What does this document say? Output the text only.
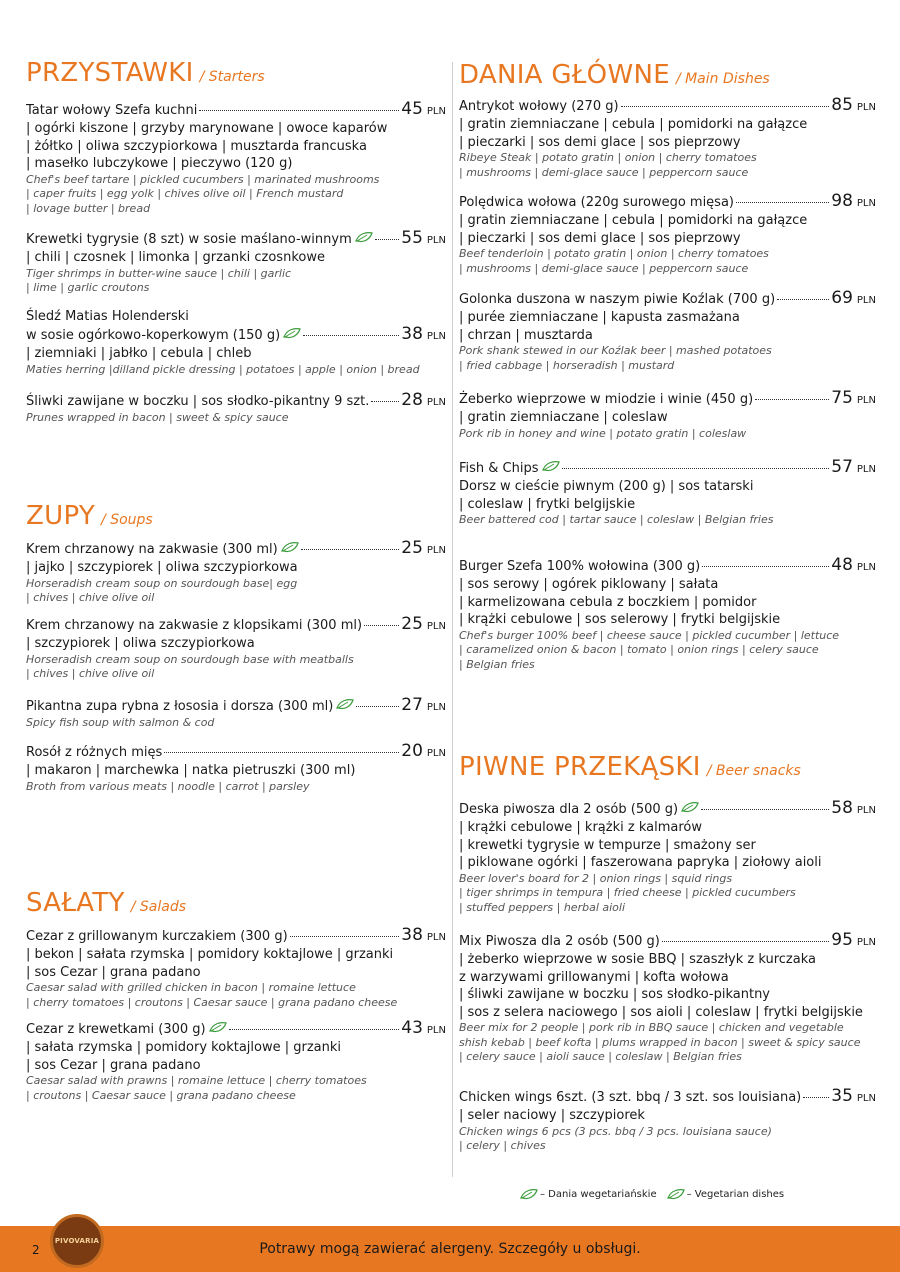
PRZYSTAWKI / Starters
Tatar wołowy Szefa kuchni	45 PLN
| ogórki kiszone | grzyby marynowane | owoce kaparów
| żółtko | oliwa szczypiorkowa | musztarda francuska
| masełko lubczykowe | pieczywo (120 g)
Chef's beef tartare | pickled cucumbers | marinated mushrooms
| caper fruits | egg yolk | chives olive oil | French mustard
| lovage butter | bread
Krewetki tygrysie (8 szt) w sosie maślano-winnym	55 PLN
| chili | czosnek | limonka | grzanki czosnkowe
Tiger shrimps in butter-wine sauce | chili | garlic
| lime | garlic croutons
Śledź Matias Holenderski
w sosie ogórkowo-koperkowym (150 g)	38 PLN
| ziemniaki | jabłko | cebula | chleb
Maties herring |dilland pickle dressing | potatoes | apple | onion | bread
Śliwki zawijane w boczku | sos słodko-pikantny 9 szt. 28 PLN
Prunes wrapped in bacon | sweet & spicy sauce
ZUPY / Soups
Krem chrzanowy na zakwasie (300 ml)	25 PLN
| jajko | szczypiorek | oliwa szczypiorkowa
Horseradish cream soup on sourdough base| egg
| chives | chive olive oil
Krem chrzanowy na zakwasie z klopsikami (300 ml) 25 PLN
| szczypiorek | oliwa szczypiorkowa
Horseradish cream soup on sourdough base with meatballs
| chives | chive olive oil
Pikantna zupa rybna z łososia i dorsza (300 ml)	27 PLN
Spicy fish soup with salmon & cod
Rosół z różnych mięs	20 PLN
| makaron | marchewka | natka pietruszki (300 ml)
Broth from various meats | noodle | carrot | parsley
SAŁATY / Salads
Cezar z grillowanym kurczakiem (300 g)	38 PLN
| bekon | sałata rzymska | pomidory koktajlowe | grzanki
| sos Cezar | grana padano
Caesar salad with grilled chicken in bacon | romaine lettuce
| cherry tomatoes | croutons | Caesar sauce | grana padano cheese
Cezar z krewetkami (300 g)	43 PLN
| sałata rzymska | pomidory koktajlowe | grzanki
| sos Cezar | grana padano
Caesar salad with prawns | romaine lettuce | cherry tomatoes
| croutons | Caesar sauce | grana padano cheese
DANIA GŁÓWNE / Main Dishes
Antrykot wołowy (270 g)	85 PLN
| gratin ziemniaczane | cebula | pomidorki na gałązce
| pieczarki | sos demi glace | sos pieprzowy
Ribeye Steak | potato gratin | onion | cherry tomatoes
| mushrooms | demi-glace sauce | peppercorn sauce
Polędwica wołowa (220g surowego mięsa)	98 PLN
| gratin ziemniaczane | cebula | pomidorki na gałązce
| pieczarki | sos demi glace | sos pieprzowy
Beef tenderloin | potato gratin | onion | cherry tomatoes
| mushrooms | demi-glace sauce | peppercorn sauce
Golonka duszona w naszym piwie Koźlak (700 g)	69 PLN
| purée ziemniaczane | kapusta zasmażana
| chrzan | musztarda
Pork shank stewed in our Koźlak beer | mashed potatoes
| fried cabbage | horseradish | mustard
Żeberko wieprzowe w miodzie i winie (450 g)	75 PLN
| gratin ziemniaczane | coleslaw
Pork rib in honey and wine | potato gratin | coleslaw
Fish & Chips	57 PLN
Dorsz w cieście piwnym (200 g) | sos tatarski
| coleslaw | frytki belgijskie
Beer battered cod | tartar sauce | coleslaw | Belgian fries
Burger Szefa 100% wołowina (300 g)	48 PLN
| sos serowy | ogórek piklowany | sałata
| karmelizowana cebula z boczkiem | pomidor
| krążki cebulowe | sos selerowy | frytki belgijskie
Chef's burger 100% beef | cheese sauce | pickled cucumber | lettuce
| caramelized onion & bacon | tomato | onion rings | celery sauce
| Belgian fries
PIWNE PRZEKĄSKI / Beer snacks
Deska piwosza dla 2 osób (500 g)	58 PLN
| krążki cebulowe | krążki z kalmarów
| krewetki tygrysie w tempurze | smażony ser
| piklowane ogórki | faszerowana papryka | ziołowy aioli
Beer lover's board for 2 | onion rings | squid rings
| tiger shrimps in tempura | fried cheese | pickled cucumbers
| stuffed peppers | herbal aioli
Mix Piwosza dla 2 osób (500 g)	95 PLN
| żeberko wieprzowe w sosie BBQ | szaszłyk z kurczaka
z warzywami grillowanymi | kofta wołowa
| śliwki zawijane w boczku | sos słodko-pikantny
| sos z selera naciowego | sos aioli | coleslaw | frytki belgijskie
Beer mix for 2 people | pork rib in BBQ sauce | chicken and vegetable
shish kebab | beef kofta | plums wrapped in bacon | sweet & spicy sauce
| celery sauce | aioli sauce | coleslaw | Belgian fries
Chicken wings 6szt. (3 szt. bbq / 3 szt. sos louisiana) 35 PLN
| seler naciowy | szczypiorek
Chicken wings 6 pcs (3 pcs. bbq / 3 pcs. louisiana sauce)
| celery | chives
– Dania wegetariańskie	– Vegetarian dishes
2
PIVOVARIA	Potrawy mogą zawierać alergeny. Szczegóły u obsługi.
